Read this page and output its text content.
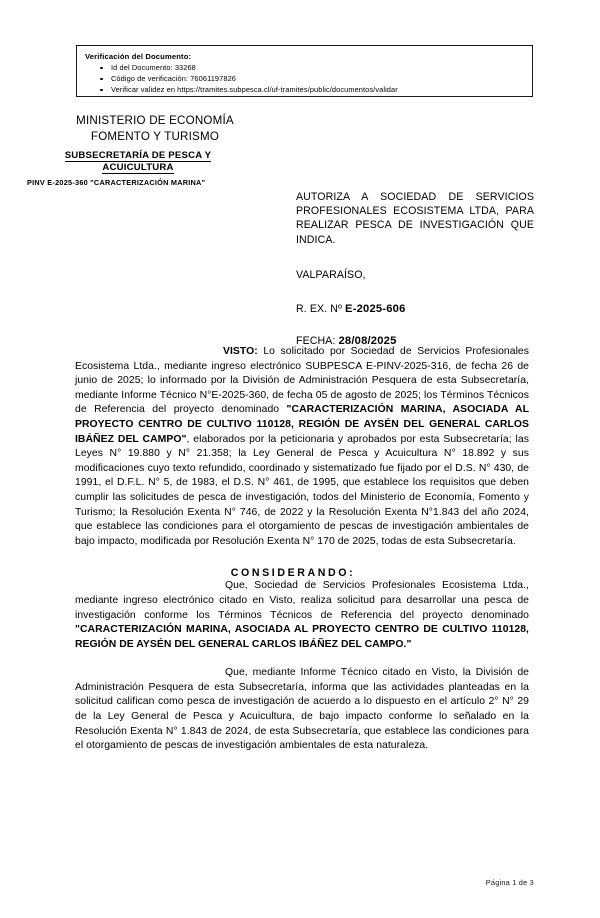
Verificación del Documento:
Id del Documento: 33268
Código de verificación: 76061197826
Verificar validez en https://tramites.subpesca.cl/uf-tramites/public/documentos/validar
MINISTERIO DE ECONOMÍA
FOMENTO Y TURISMO
SUBSECRETARÍA DE PESCA Y
ACUICULTURA
PINV E-2025-360 "CARACTERIZACIÓN MARINA"
AUTORIZA A SOCIEDAD DE SERVICIOS PROFESIONALES ECOSISTEMA LTDA, PARA REALIZAR PESCA DE INVESTIGACIÓN QUE INDICA.
VALPARAÍSO,
R. EX. Nº E-2025-606
FECHA: 28/08/2025

VISTO: Lo solicitado por Sociedad de Servicios Profesionales Ecosistema Ltda., mediante ingreso electrónico SUBPESCA E-PINV-2025-316, de fecha 26 de junio de 2025; lo informado por la División de Administración Pesquera de esta Subsecretaría, mediante Informe Técnico N°E-2025-360, de fecha 05 de agosto de 2025; los Términos Técnicos de Referencia del proyecto denominado "CARACTERIZACIÓN MARINA, ASOCIADA AL PROYECTO CENTRO DE CULTIVO 110128, REGIÓN DE AYSÉN DEL GENERAL CARLOS IBÁÑEZ DEL CAMPO", elaborados por la peticionaria y aprobados por esta Subsecretaría; las Leyes N° 19.880 y N° 21.358; la Ley General de Pesca y Acuicultura N° 18.892 y sus modificaciones cuyo texto refundido, coordinado y sistematizado fue fijado por el D.S. N° 430, de 1991, el D.F.L. N° 5, de 1983, el D.S. N° 461, de 1995, que establece los requisitos que deben cumplir las solicitudes de pesca de investigación, todos del Ministerio de Economía, Fomento y Turismo; la Resolución Exenta N° 746, de 2022 y la Resolución Exenta N°1.843 del año 2024, que establece las condiciones para el otorgamiento de pescas de investigación ambientales de bajo impacto, modificada por Resolución Exenta N° 170 de 2025, todas de esta Subsecretaría.

CONSIDERANDO:

Que, Sociedad de Servicios Profesionales Ecosistema Ltda., mediante ingreso electrónico citado en Visto, realiza solicitud para desarrollar una pesca de investigación conforme los Términos Técnicos de Referencia del proyecto denominado "CARACTERIZACIÓN MARINA, ASOCIADA AL PROYECTO CENTRO DE CULTIVO 110128, REGIÓN DE AYSÉN DEL GENERAL CARLOS IBÁÑEZ DEL CAMPO."

Que, mediante Informe Técnico citado en Visto, la División de Administración Pesquera de esta Subsecretaría, informa que las actividades planteadas en la solicitud califican como pesca de investigación de acuerdo a lo dispuesto en el artículo 2° N° 29 de la Ley General de Pesca y Acuicultura, de bajo impacto conforme lo señalado en la Resolución Exenta N° 1.843 de 2024, de esta Subsecretaría, que establece las condiciones para el otorgamiento de pescas de investigación ambientales de esta naturaleza.

Página 1 de 3
